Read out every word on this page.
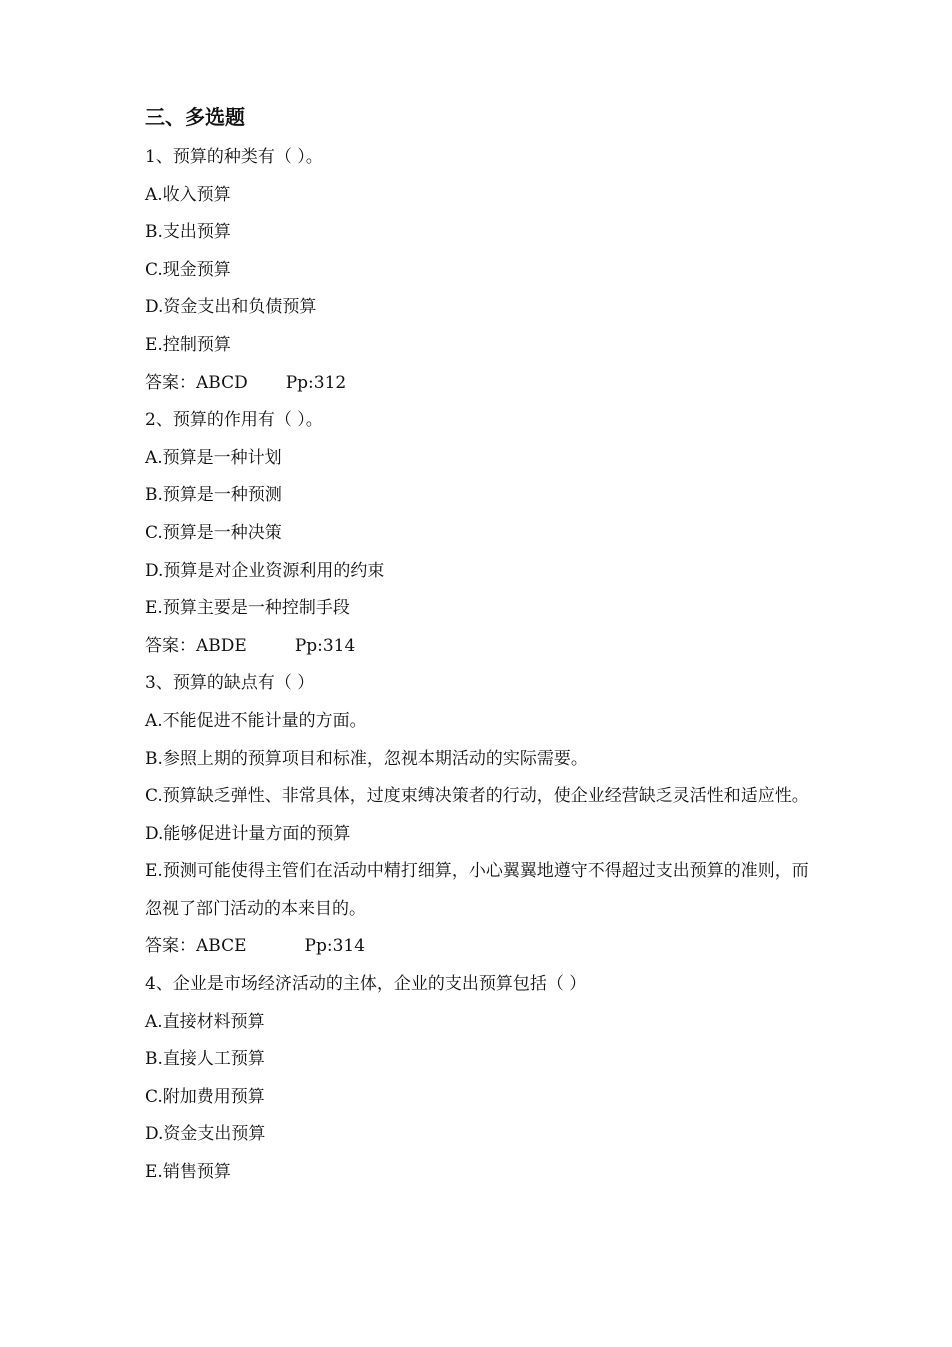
三、多选题
1、预算的种类有（ ）。
A.收入预算
B.支出预算
C.现金预算
D.资金支出和负债预算
E.控制预算
答案：ABCD Pp:312
2、预算的作用有（ ）。
A.预算是一种计划
B.预算是一种预测
C.预算是一种决策
D.预算是对企业资源利用的约束
E.预算主要是一种控制手段
答案：ABDE	Pp:314
3、预算的缺点有（ ）
A.不能促进不能计量的方面。
B.参照上期的预算项目和标准，忽视本期活动的实际需要。
C.预算缺乏弹性、非常具体，过度束缚决策者的行动，使企业经营缺乏灵活性和适应性。
D.能够促进计量方面的预算
E.预测可能使得主管们在活动中精打细算，小心翼翼地遵守不得超过支出预算的准则，而忽视了部门活动的本来目的。
答案：ABCE	Pp:314
4、企业是市场经济活动的主体，企业的支出预算包括（ ）
A.直接材料预算
B.直接人工预算
C.附加费用预算
D.资金支出预算
E.销售预算
